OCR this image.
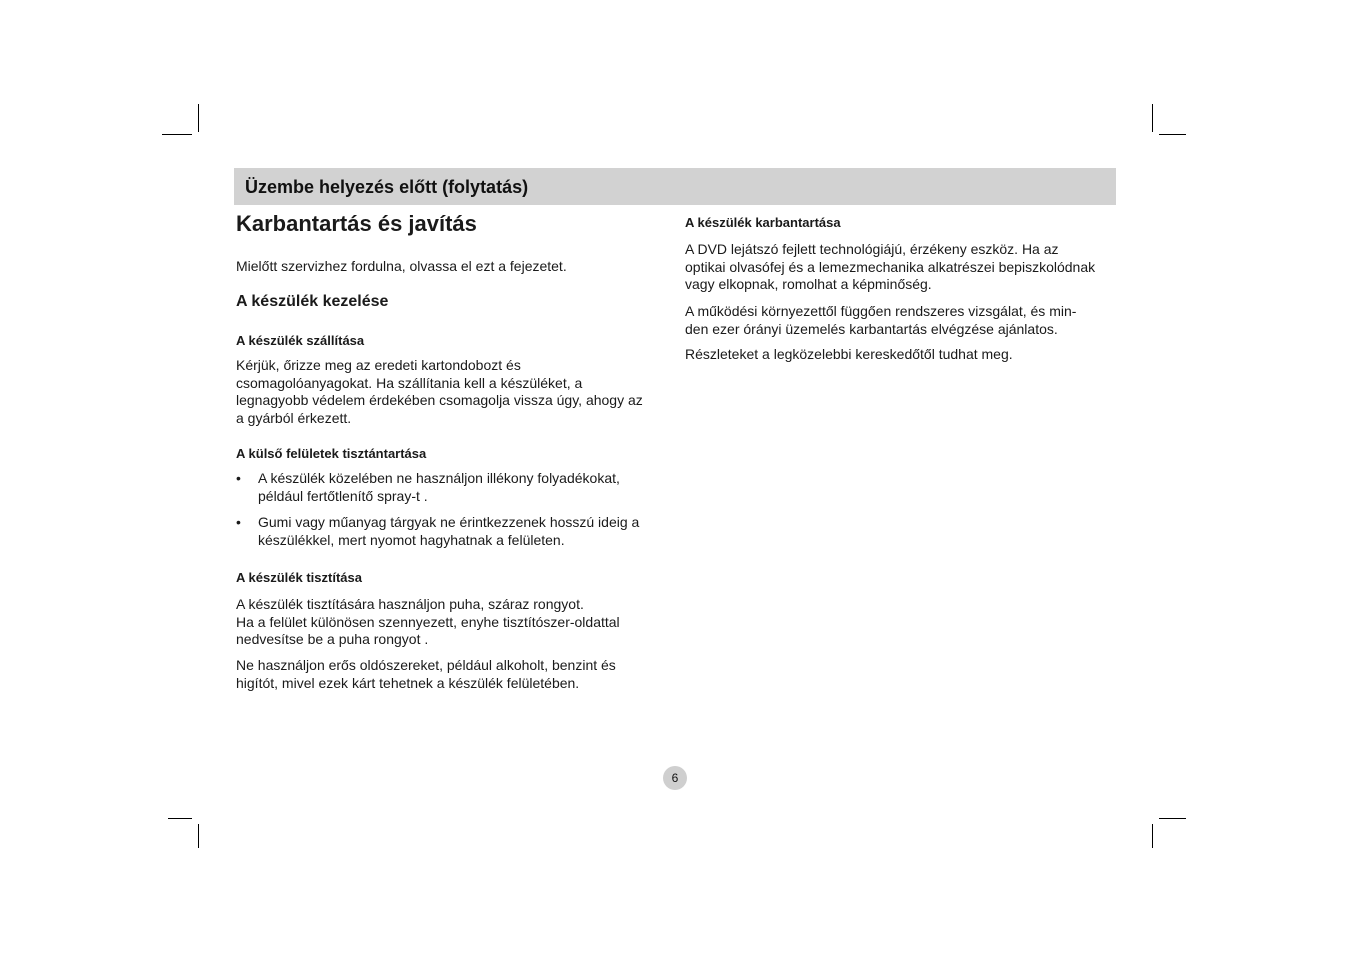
Üzembe helyezés előtt (folytatás)
Karbantartás és javítás
Mielőtt szervizhez fordulna, olvassa el ezt a fejezetet.
A készülék kezelése
A készülék szállítása
Kérjük, őrizze meg az eredeti kartondobozt és
csomagolóanyagokat. Ha szállítania kell a készüléket, a
legnagyobb védelem érdekében csomagolja vissza úgy, ahogy az
a gyárból érkezett.
A külső felületek tisztántartása
• A készülék közelében ne használjon illékony folyadékokat,
például fertőtlenítő spray-t .
• Gumi vagy műanyag tárgyak ne érintkezzenek hosszú ideig a
készülékkel, mert nyomot hagyhatnak a felületen.
A készülék tisztítása
A készülék tisztítására használjon puha, száraz rongyot.
Ha a felület különösen szennyezett, enyhe tisztítószer-oldattal
nedvesítse be a puha rongyot .
Ne használjon erős oldószereket, például alkoholt, benzint és
higítót, mivel ezek kárt tehetnek a készülék felületében.
A készülék karbantartása
A DVD lejátszó fejlett technológiájú, érzékeny eszköz. Ha az
optikai olvasófej és a lemezmechanika alkatrészei bepiszkolódnak
vagy elkopnak, romolhat a képminőség.
A működési környezettől függően rendszeres vizsgálat, és min-
den ezer órányi üzemelés karbantartás elvégzése ajánlatos.
Részleteket a legközelebbi kereskedőtől tudhat meg.
6
